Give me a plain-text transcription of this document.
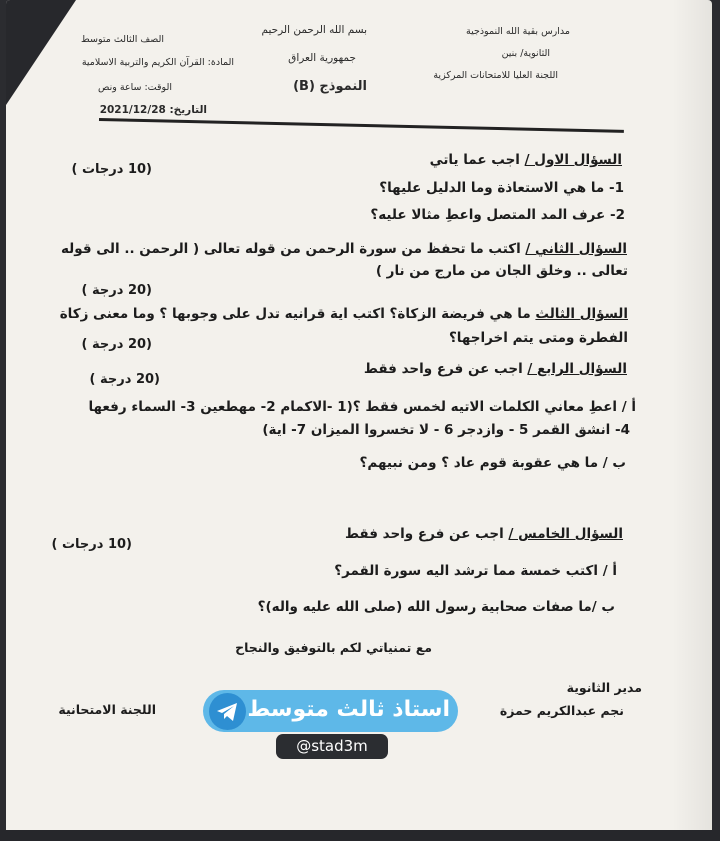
مدارس بقية الله النموذجية
الثانوية/ بنين
اللجنة العليا للامتحانات المركزية
بسم الله الرحمن الرحيم
جمهورية العراق
النموذج (B)
الصف الثالث متوسط
المادة: القرآن الكريم والتربية الاسلامية
الوقت: ساعة ونص
التاريخ: 2021/12/28
السؤال الاول / اجب عما ياتي
(10 درجات )
1- ما هي الاستعاذة وما الدليل عليها؟
2- عرف المد المتصل واعطِ مثالا عليه؟
السؤال الثاني / اكتب ما تحفظ من سورة الرحمن من قوله تعالى ( الرحمن .. الى قوله
تعالى .. وخلق الجان من مارج من نار )
(20 درجة )
السؤال الثالث ما هي فريضة الزكاة؟ اكتب اية قرانيه تدل على وجوبها ؟ وما معنى زكاة
الفطرة ومتى يتم اخراجها؟
(20 درجة )
السؤال الرابع / اجب عن فرع واحد فقط
(20 درجة )
أ / اعطِ معاني الكلمات الاتيه لخمس فقط ؟(1 -الاكمام 2- مهطعين 3- السماء رفعها
4- انشق القمر 5 - وازدجر 6 - لا تخسروا الميزان 7- اية)
ب / ما هي عقوبة قوم عاد ؟ ومن نبيهم؟
السؤال الخامس / اجب عن فرع واحد فقط
(10 درجات )
أ / اكتب خمسة مما ترشد اليه سورة القمر؟
ب /ما صفات صحابية رسول الله (صلى الله عليه واله)؟
مع تمنياتي لكم بالتوفيق والنجاح
مدير الثانوية
نجم عبدالكريم حمزة
اللجنة الامتحانية	استاذ ثالث متوسط
@stad3m
